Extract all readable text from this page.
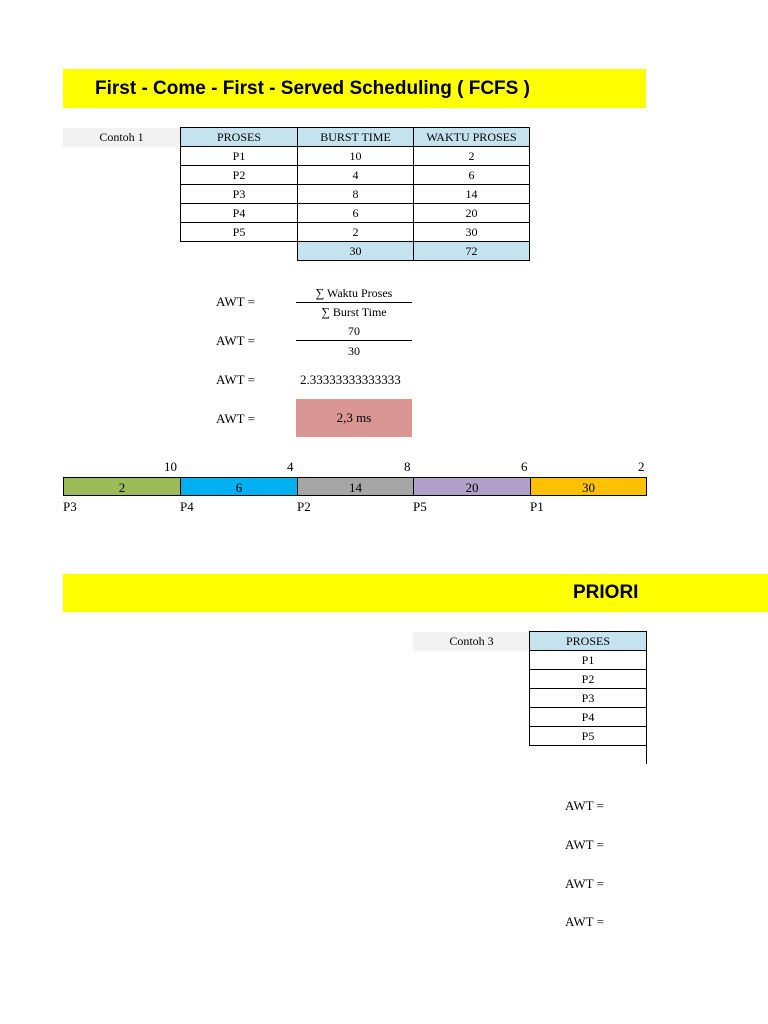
First - Come - First - Served Scheduling ( FCFS )
Contoh 1	PROSES	BURST TIME	WAKTU PROSES
P1	10	2
P2	4	6
P3	8	14
P4	6	20
P5	2	30
	30	72
AWT =
∑ Waktu Proses
∑ Burst Time
AWT =
70
30
AWT =	2.33333333333333
AWT =	2,3 ms
10	4	8	6	2
2	6	14	20	30
P3	P4	P2	P5	P1
PRIORI
Contoh 3	PROSES
P1
P2
P3
P4
P5

AWT =
AWT =
AWT =
AWT =
